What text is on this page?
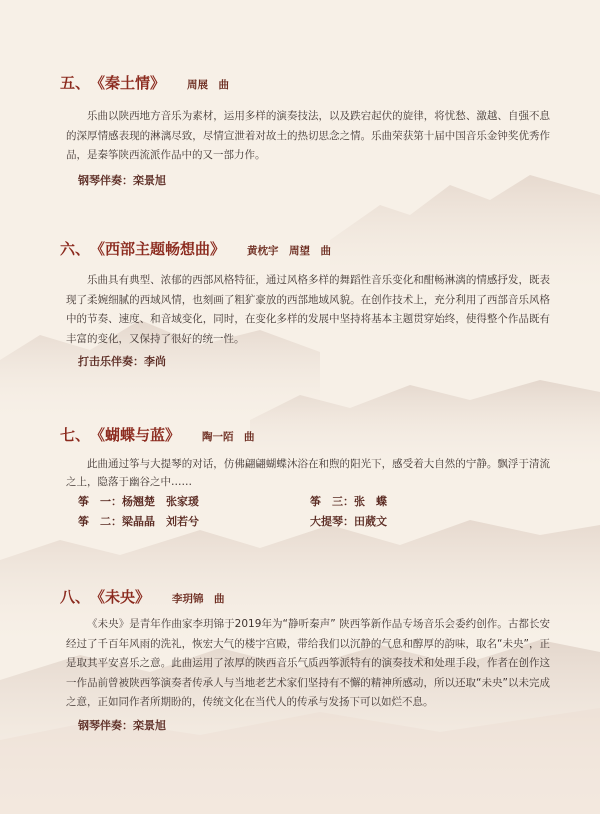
五、 《秦土情》 周展　曲

乐曲以陕西地方音乐为素材，运用多样的演奏技法，以及跌宕起伏的旋律，将忧愁、激越、自强不息的深厚情感表现的淋漓尽致，尽情宣泄着对故土的热切思念之情。乐曲荣获第十届中国音乐金钟奖优秀作品，是秦筝陕西流派作品中的又一部力作。

钢琴伴奏：栾景旭
六、 《西部主题畅想曲》 黄枕宇　周望　曲

乐曲具有典型、浓郁的西部风格特征，通过风格多样的舞蹈性音乐变化和酣畅淋漓的情感抒发，既表现了柔婉细腻的西域风情，也刻画了粗犷豪放的西部地域风貌。在创作技术上，充分利用了西部音乐风格中的节奏、速度、和音域变化，同时，在变化多样的发展中坚持将基本主题贯穿始终，使得整个作品既有丰富的变化，又保持了很好的统一性。

打击乐伴奏：李尚
七、 《蝴蝶与蓝》 陶一陌　曲

此曲通过筝与大提琴的对话，仿佛翩翩蝴蝶沐浴在和煦的阳光下，感受着大自然的宁静。飘浮于清流之上，隐落于幽谷之中……

筝　一：杨翘楚　张家瑗	筝　三：张　蝶
筝　二：梁晶晶　刘若兮	大提琴：田葳文
八、 《未央》 李玥锦　曲

《未央》是青年作曲家李玥锦于2019年为“静听秦声” 陕西筝新作品专场音乐会委约创作。古都长安经过了千百年风雨的洗礼，恢宏大气的楼宇宫殿，带给我们以沉静的气息和醇厚的韵味，取名“未央”，正是取其平安喜乐之意。此曲运用了浓厚的陕西音乐气质西筝派特有的演奏技术和处理手段，作者在创作这一作品前曾被陕西筝演奏者传承人与当地老艺术家们坚持有不懈的精神所感动，所以还取“未央”以未完成之意，正如同作者所期盼的，传统文化在当代人的传承与发扬下可以如烂不息。

钢琴伴奏：栾景旭
